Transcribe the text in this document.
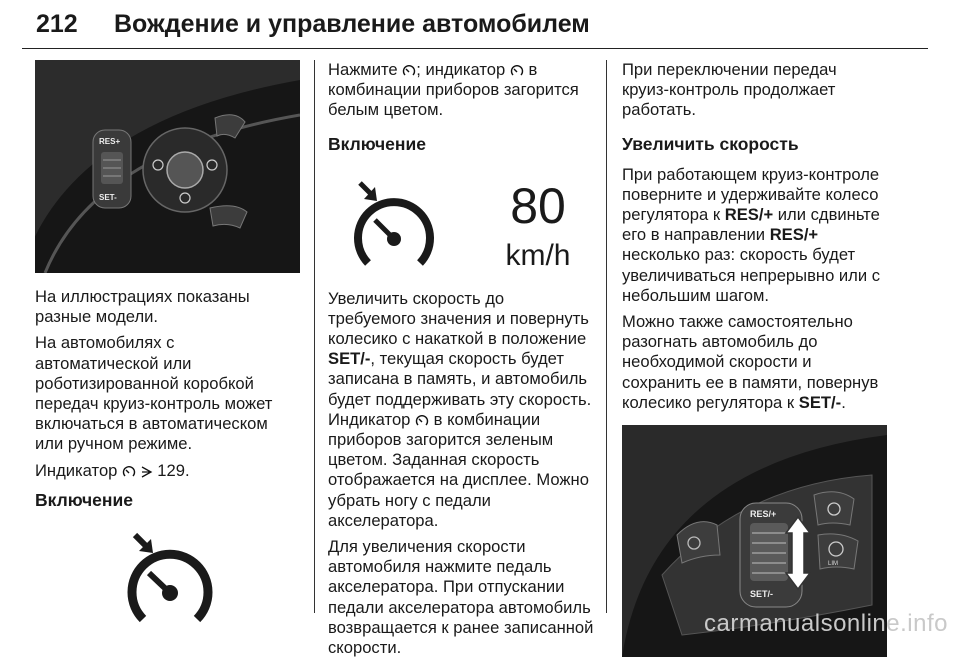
212 Вождение и управление автомобилем
RES+
SET-

На иллюстрациях показаны разные модели.

На автомобилях с автоматической или роботизированной коробкой передач круиз-контроль может включаться в автоматическом или ручном режиме.

Индикатор 129.

Включение

Нажмите ; индикатор в комбинации приборов загорится белым цветом.

Включение
80
km/h

Увеличить скорость до требуемого значения и повернуть колесико с накаткой в положение SET/-, текущая скорость будет записана в память, и автомобиль будет поддерживать эту скорость. Индикатор в комбинации приборов загорится зеленым цветом. Заданная скорость отображается на дисплее. Можно убрать ногу с педали акселератора.

Для увеличения скорости автомобиля нажмите педаль акселератора. При отпускании педали акселератора автомобиль возвращается к ранее записанной скорости.

При переключении передач круиз-контроль продолжает работать.

Увеличить скорость

При работающем круиз-контроле поверните и удерживайте колесо регулятора к RES/+ или сдвиньте его в направлении RES/+ несколько раз: скорость будет увеличиваться непрерывно или с небольшим шагом.

Можно также самостоятельно разогнать автомобиль до необходимой скорости и сохранить ее в памяти, повернув колесико регулятора к SET/-.

RES/+
SET/-
LIM
carmanualsonline.info
